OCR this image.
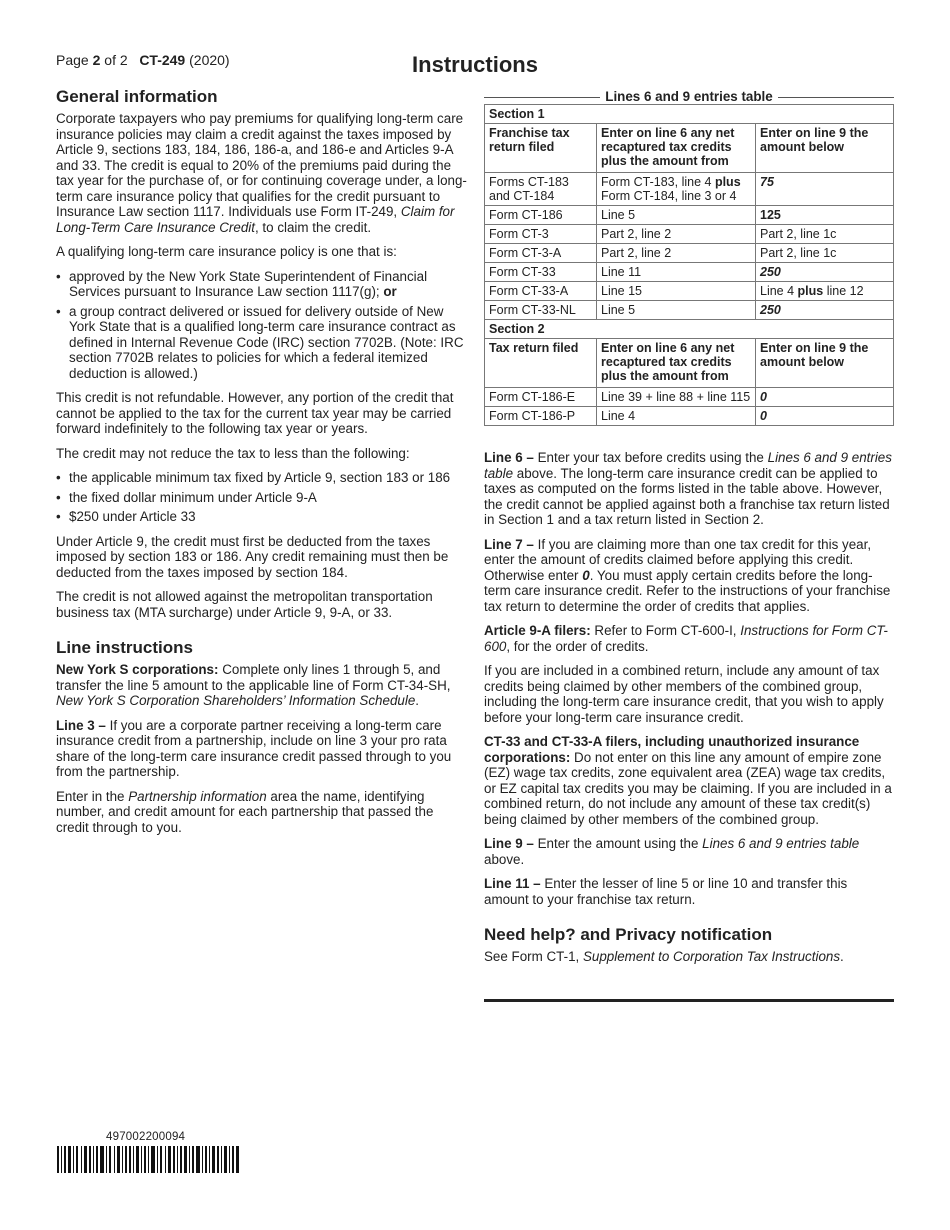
Page 2 of 2 CT-249 (2020)	Instructions
General information

Corporate taxpayers who pay premiums for qualifying long-term care insurance policies may claim a credit against the taxes imposed by Article 9, sections 183, 184, 186, 186-a, and 186-e and Articles 9-A and 33. The credit is equal to 20% of the premiums paid during the tax year for the purchase of, or for continuing coverage under, a long-term care insurance policy that qualifies for the credit pursuant to Insurance Law section 1117. Individuals use Form IT-249, Claim for Long-Term Care Insurance Credit, to claim the credit.

A qualifying long-term care insurance policy is one that is:

• approved by the New York State Superintendent of Financial Services pursuant to Insurance Law section 1117(g); or
• a group contract delivered or issued for delivery outside of New York State that is a qualified long-term care insurance contract as defined in Internal Revenue Code (IRC) section 7702B. (Note: IRC section 7702B relates to policies for which a federal itemized deduction is allowed.)

This credit is not refundable. However, any portion of the credit that cannot be applied to the tax for the current tax year may be carried forward indefinitely to the following tax year or years.

The credit may not reduce the tax to less than the following:

• the applicable minimum tax fixed by Article 9, section 183 or 186
• the fixed dollar minimum under Article 9-A
• $250 under Article 33

Under Article 9, the credit must first be deducted from the taxes imposed by section 183 or 186. Any credit remaining must then be deducted from the taxes imposed by section 184.

The credit is not allowed against the metropolitan transportation business tax (MTA surcharge) under Article 9, 9-A, or 33.

Line instructions

New York S corporations: Complete only lines 1 through 5, and transfer the line 5 amount to the applicable line of Form CT-34-SH, New York S Corporation Shareholders’ Information Schedule.

Line 3 – If you are a corporate partner receiving a long-term care insurance credit from a partnership, include on line 3 your pro rata share of the long-term care insurance credit passed through to you from the partnership.

Enter in the Partnership information area the name, identifying number, and credit amount for each partnership that passed the credit through to you.

Lines 6 and 9 entries table
Section 1		
Franchise tax return filed	Enter on line 6 any net recaptured tax credits plus the amount from	Enter on line 9 the amount below
Forms CT-183 and CT-184	Form CT-183, line 4 plus Form CT-184, line 3 or 4	75
Form CT-186	Line 5	125
Form CT-3	Part 2, line 2	Part 2, line 1c
Form CT-3-A	Part 2, line 2	Part 2, line 1c
Form CT-33	Line 11	250
Form CT-33-A	Line 15	Line 4 plus line 12
Form CT-33-NL	Line 5	250
Section 2		
Tax return filed	Enter on line 6 any net recaptured tax credits plus the amount from	Enter on line 9 the amount below
Form CT-186-E	Line 39 + line 88 + line 115	0
Form CT-186-P	Line 4	0

Line 6 – Enter your tax before credits using the Lines 6 and 9 entries table above. The long-term care insurance credit can be applied to taxes as computed on the forms listed in the table above. However, the credit cannot be applied against both a franchise tax return listed in Section 1 and a tax return listed in Section 2.

Line 7 – If you are claiming more than one tax credit for this year, enter the amount of credits claimed before applying this credit. Otherwise enter 0. You must apply certain credits before the long-term care insurance credit. Refer to the instructions of your franchise tax return to determine the order of credits that applies.

Article 9-A filers: Refer to Form CT-600-I, Instructions for Form CT-600, for the order of credits.

If you are included in a combined return, include any amount of tax credits being claimed by other members of the combined group, including the long-term care insurance credit, that you wish to apply before your long-term care insurance credit.

CT-33 and CT-33-A filers, including unauthorized insurance corporations: Do not enter on this line any amount of empire zone (EZ) wage tax credits, zone equivalent area (ZEA) wage tax credits, or EZ capital tax credits you may be claiming. If you are included in a combined return, do not include any amount of these tax credit(s) being claimed by other members of the combined group.

Line 9 – Enter the amount using the Lines 6 and 9 entries table above.

Line 11 – Enter the lesser of line 5 or line 10 and transfer this amount to your franchise tax return.

Need help? and Privacy notification

See Form CT-1, Supplement to Corporation Tax Instructions.

497002200094
